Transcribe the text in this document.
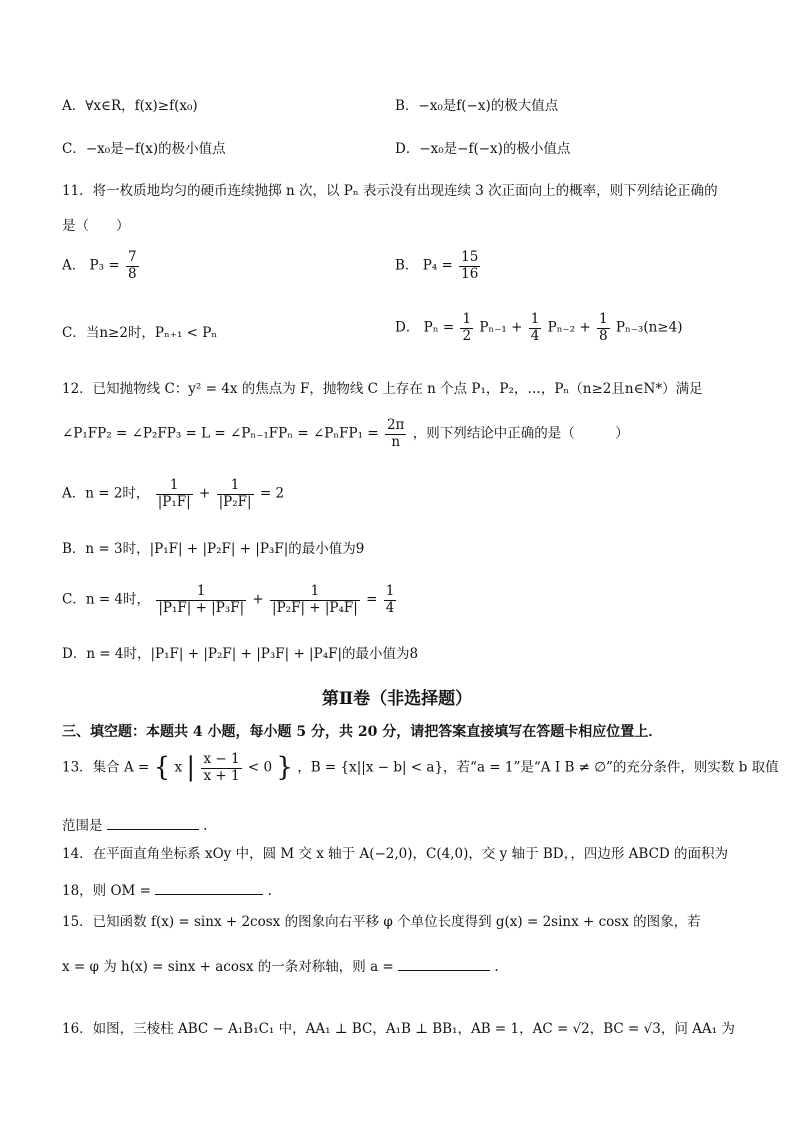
A．∀x∈R，f(x)≥f(x₀)	B．−x₀是f(−x)的极大值点
C．−x₀是−f(x)的极小值点	D．−x₀是−f(−x)的极小值点
11．将一枚质地均匀的硬币连续抛掷 n 次，以 Pₙ 表示没有出现连续 3 次正面向上的概率，则下列结论正确的
是（　　）
A． $P_3 = \frac{7}{8}$	B． $P_4 = \frac{15}{16}$
C．当n≥2时，Pₙ₊₁ < Pₙ	D． $P_n = \frac{1}{2} P_{n-1} + \frac{1}{4} P_{n-2} + \frac{1}{8} P_{n-3}(n\ge 4)$
12．已知抛物线 C：y² = 4x 的焦点为 F，抛物线 C 上存在 n 个点 P₁，P₂，…，Pₙ（n≥2且n∈N*）满足
∠P₁FP₂ = ∠P₂FP₃ = L = ∠Pₙ₋₁FPₙ = ∠PₙFP₁ = $\frac{2\pi}{n}$ ，则下列结论中正确的是（　　　）
A．n = 2时， $\frac{1}{\text{|P₁F|}} + \frac{1}{\text{|P₂F|}} = 2$
B．n = 3时，|P₁F| + |P₂F| + |P₃F|的最小值为9
C．n = 4时， $\frac{1}{\text{|P₁F| + |P₃F|}} + \frac{1}{\text{|P₂F| + |P₄F|}} = \frac{1}{4}$
D．n = 4时，|P₁F| + |P₂F| + |P₃F| + |P₄F|的最小值为8
第Ⅱ卷（非选择题）
三、填空题：本题共 4 小题，每小题 5 分，共 20 分，请把答案直接填写在答题卡相应位置上．
13．集合 A = { x | $\frac{x - 1}{x + 1} < 0$ } ，B = {x||x − b| < a}，若“a = 1”是“A I B ≠ ∅”的充分条件，则实数 b 取值
范围是	.
14．在平面直角坐标系 xOy 中，圆 M 交 x 轴于 A(−2,0)，C(4,0)，交 y 轴于 BD，，四边形 ABCD 的面积为
18，则 OM =	.
15．已知函数 f(x) = sinx + 2cosx 的图象向右平移 φ 个单位长度得到 g(x) = 2sinx + cosx 的图象，若
x = φ 为 h(x) = sinx + acosx 的一条对称轴，则 a =	.
16．如图，三棱柱 ABC − A₁B₁C₁ 中，AA₁ ⊥ BC，A₁B ⊥ BB₁，AB = 1，AC = √2，BC = √3，问 AA₁ 为
